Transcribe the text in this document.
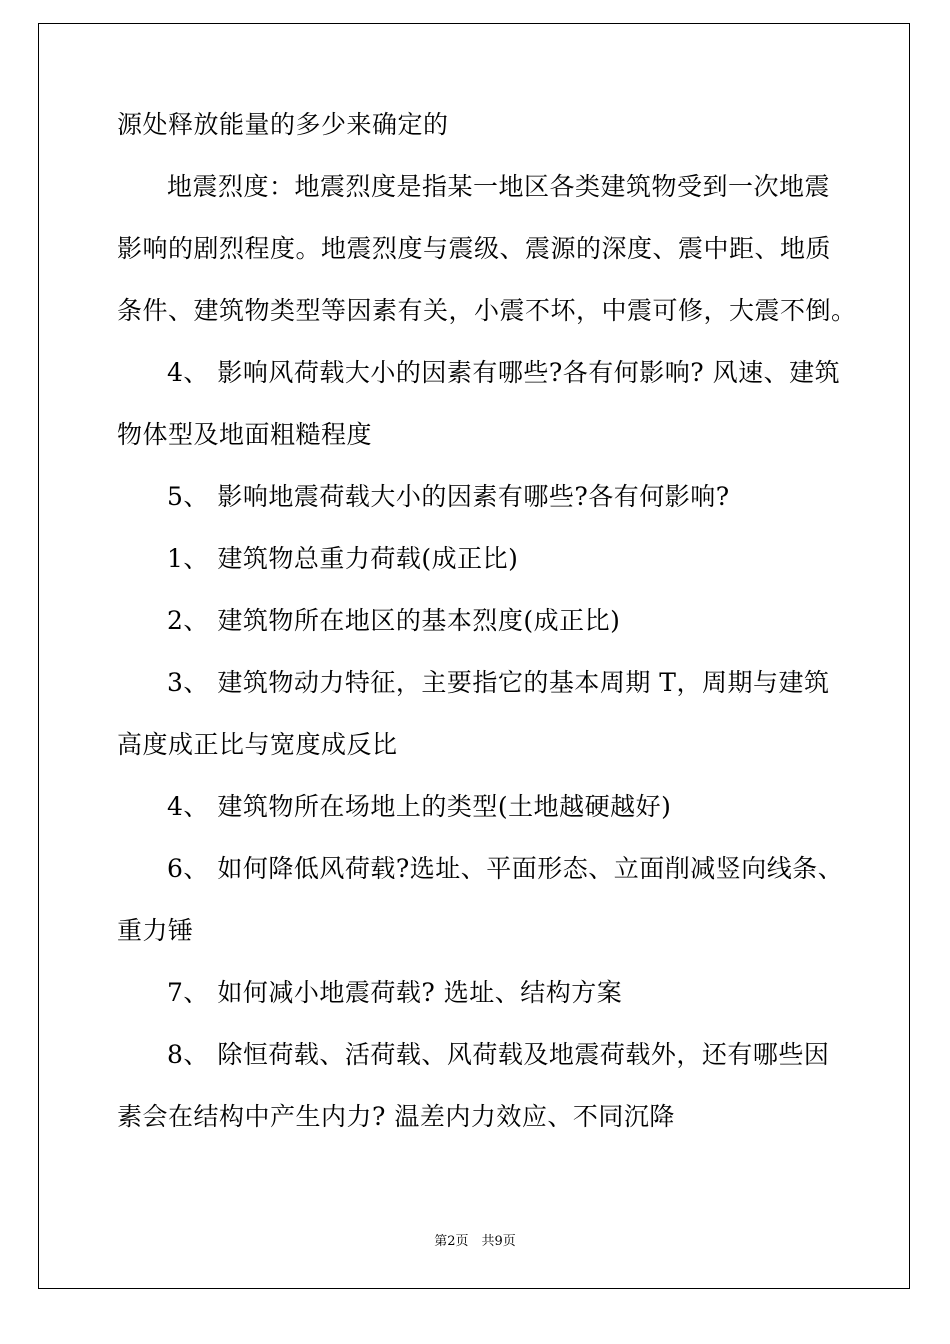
源处释放能量的多少来确定的

地震烈度：地震烈度是指某一地区各类建筑物受到一次地震

影响的剧烈程度。地震烈度与震级、震源的深度、震中距、地质

条件、建筑物类型等因素有关，小震不坏，中震可修，大震不倒。

4、 影响风荷载大小的因素有哪些?各有何影响? 风速、建筑

物体型及地面粗糙程度

5、 影响地震荷载大小的因素有哪些?各有何影响?

1、 建筑物总重力荷载(成正比)

2、 建筑物所在地区的基本烈度(成正比)

3、 建筑物动力特征，主要指它的基本周期 T，周期与建筑

高度成正比与宽度成反比

4、 建筑物所在场地上的类型(土地越硬越好)

6、 如何降低风荷载?选址、平面形态、立面削减竖向线条、

重力锤

7、 如何减小地震荷载? 选址、结构方案

8、 除恒荷载、活荷载、风荷载及地震荷载外，还有哪些因

素会在结构中产生内力? 温差内力效应、不同沉降

第2页　共9页
